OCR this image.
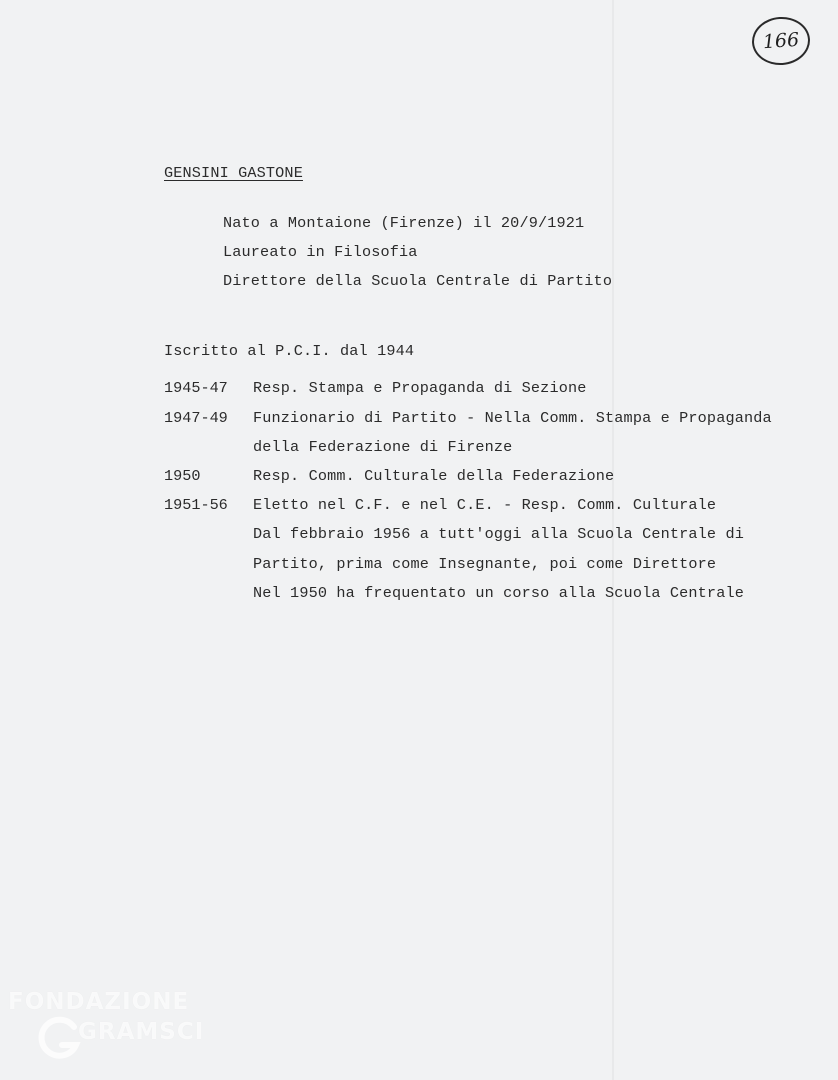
166
GENSINI GASTONE
Nato a Montaione (Firenze) il 20/9/1921
Laureato in Filosofia
Direttore della Scuola Centrale di Partito
Iscritto al P.C.I. dal 1944
1945-47 Resp. Stampa e Propaganda di Sezione
1947-49 Funzionario di Partito - Nella Comm. Stampa e Propaganda
della Federazione di Firenze
1950	Resp. Comm. Culturale della Federazione
1951-56 Eletto nel C.F. e nel C.E. - Resp. Comm. Culturale
Dal febbraio 1956 a tutt'oggi alla Scuola Centrale di
Partito, prima come Insegnante, poi come Direttore
Nel 1950 ha frequentato un corso alla Scuola Centrale
FONDAZIONE
GRAMSCI
